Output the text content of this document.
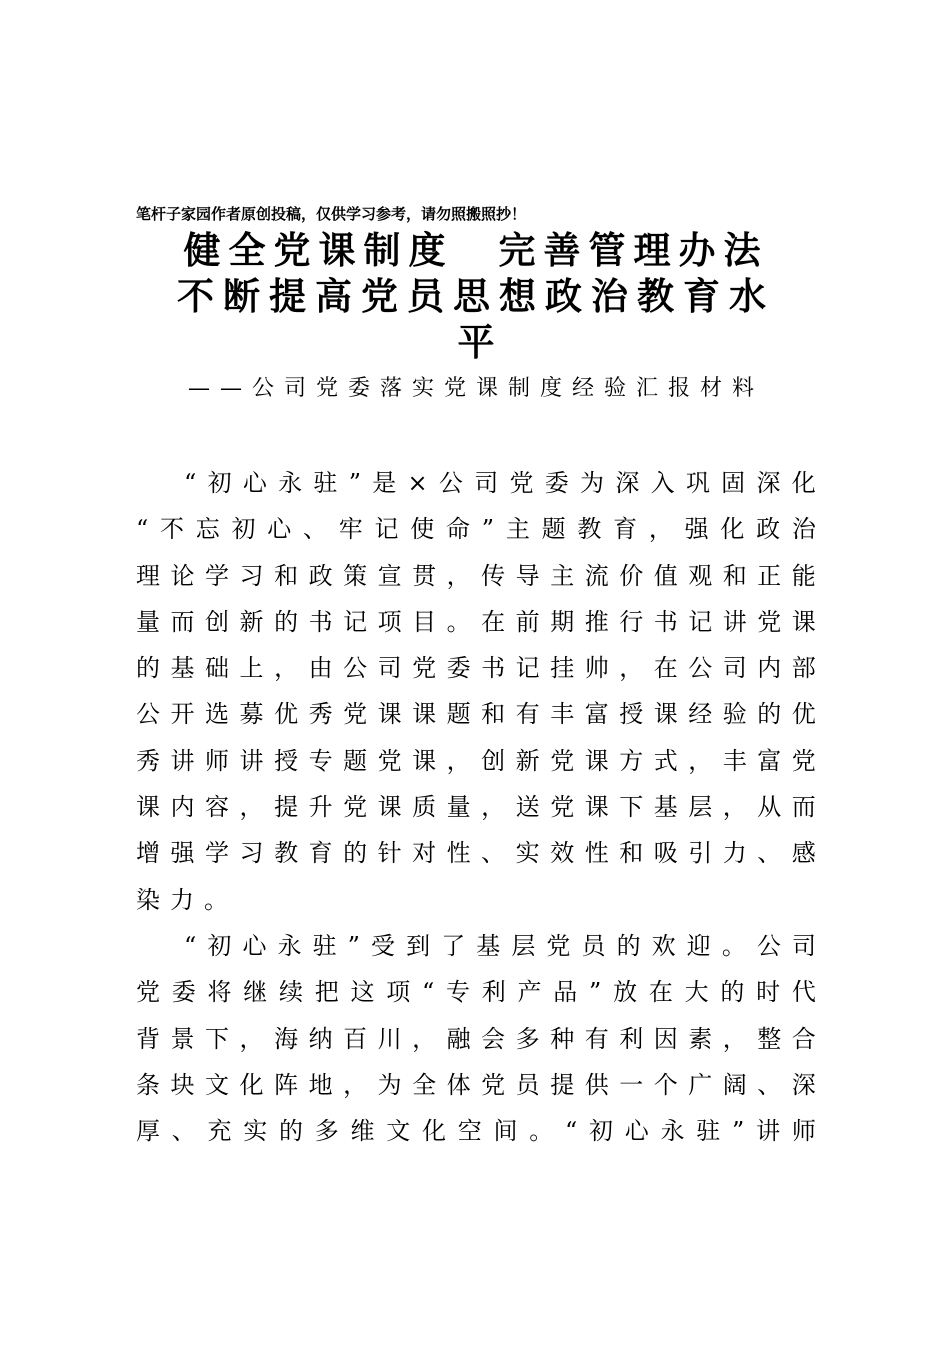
笔杆子家园作者原创投稿，仅供学习参考，请勿照搬照抄！
健全党课制度　完善管理办法
不断提高党员思想政治教育水
平
——公司党委落实党课制度经验汇报材料
“ 初 心 永 驻 ” 是 × 公 司 党 委 为 深 入 巩 固 深 化
“ 不 忘 初 心 、 牢 记 使 命 ” 主 题 教 育 ， 强 化 政 治
理 论 学 习 和 政 策 宣 贯 ， 传 导 主 流 价 值 观 和 正 能
量 而 创 新 的 书 记 项 目 。 在 前 期 推 行 书 记 讲 党 课
的 基 础 上 ， 由 公 司 党 委 书 记 挂 帅 ， 在 公 司 内 部
公 开 选 募 优 秀 党 课 课 题 和 有 丰 富 授 课 经 验 的 优
秀 讲 师 讲 授 专 题 党 课 ， 创 新 党 课 方 式 ， 丰 富 党
课 内 容 ， 提 升 党 课 质 量 ， 送 党 课 下 基 层 ， 从 而
增 强 学 习 教 育 的 针 对 性 、 实 效 性 和 吸 引 力 、 感
染 力 。
“ 初 心 永 驻 ” 受 到 了 基 层 党 员 的 欢 迎 。 公 司
党 委 将 继 续 把 这 项 “ 专 利 产 品 ” 放 在 大 的 时 代
背 景 下 ， 海 纳 百 川 ， 融 会 多 种 有 利 因 素 ， 整 合
条 块 文 化 阵 地 ， 为 全 体 党 员 提 供 一 个 广 阔 、 深
厚 、 充 实 的 多 维 文 化 空 间 。 “ 初 心 永 驻 ” 讲 师
